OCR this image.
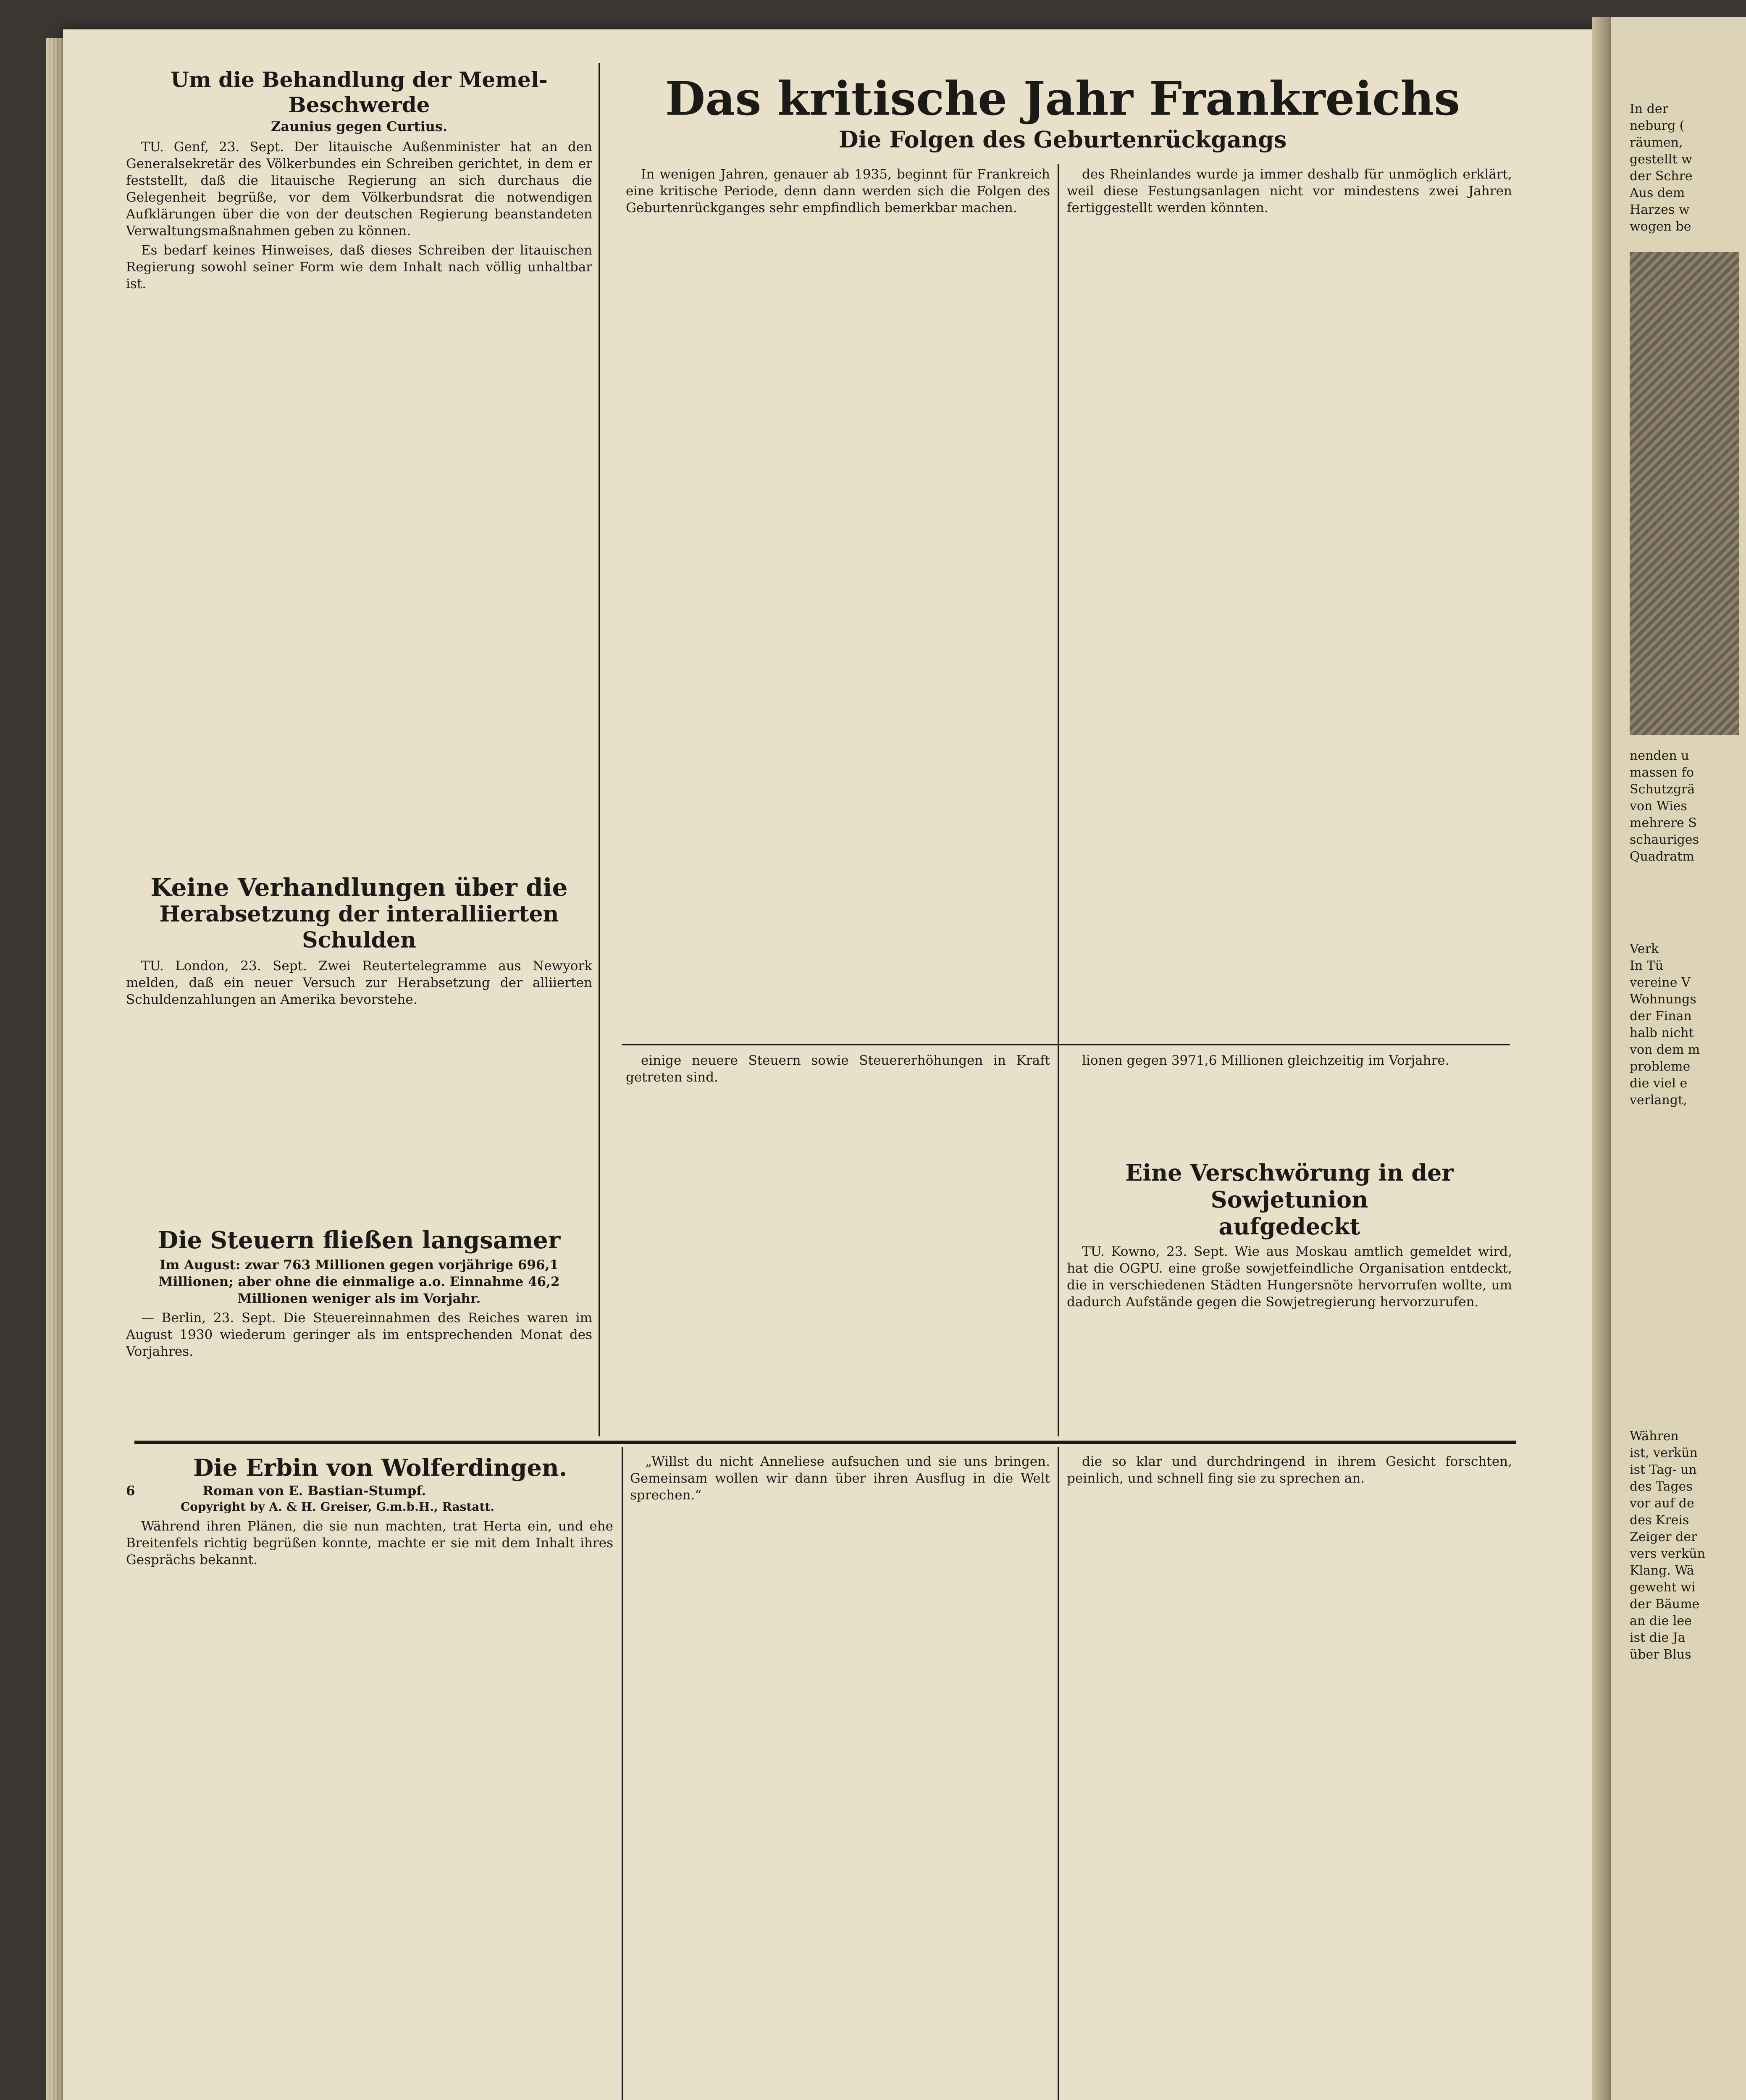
Um die Behandlung der Memel-Beschwerde
Zaunius gegen Curtius.

TU. Genf, 23. Sept. Der litauische Außenminister hat an den Generalsekretär des Völkerbundes ein Schreiben gerichtet, in dem er feststellt, daß die litauische Regierung an sich durchaus die Gelegenheit begrüße, vor dem Völkerbundsrat die notwendigen Aufklärungen über die von der deutschen Regierung beanstandeten Verwaltungsmaßnahmen geben zu können.

Es bedarf keines Hinweises, daß dieses Schreiben der litauischen Regierung sowohl seiner Form wie dem Inhalt nach völlig unhaltbar ist.

Keine Verhandlungen über die
Herabsetzung der interalliierten Schulden

TU. London, 23. Sept. Zwei Reutertelegramme aus Newyork melden, daß ein neuer Versuch zur Herabsetzung der alliierten Schuldenzahlungen an Amerika bevorstehe.

Die Steuern fließen langsamer
Im August: zwar 763 Millionen gegen vorjährige 696,1 Millionen; aber ohne die einmalige a.o. Einnahme 46,2 Millionen weniger als im Vorjahr.

— Berlin, 23. Sept. Die Steuereinnahmen des Reiches waren im August 1930 wiederum geringer als im entsprechenden Monat des Vorjahres.

Das kritische Jahr Frankreichs
Die Folgen des Geburtenrückgangs

In wenigen Jahren, genauer ab 1935, beginnt für Frankreich eine kritische Periode, denn dann werden sich die Folgen des Geburtenrückganges sehr empfindlich bemerkbar machen.

des Rheinlandes wurde ja immer deshalb für unmöglich erklärt, weil diese Festungsanlagen nicht vor mindestens zwei Jahren fertiggestellt werden könnten.

einige neuere Steuern sowie Steuererhöhungen in Kraft getreten sind.

lionen gegen 3971,6 Millionen gleichzeitig im Vorjahre.

Eine Verschwörung in der Sowjetunion
aufgedeckt

TU. Kowno, 23. Sept. Wie aus Moskau amtlich gemeldet wird, hat die OGPU. eine große sowjetfeindliche Organisation entdeckt, die in verschiedenen Städten Hungersnöte hervorrufen wollte, um dadurch Aufstände gegen die Sowjetregierung hervorzurufen.

Die Erbin von Wolferdingen.
6	Roman von E. Bastian-Stumpf.
Copyright by A. & H. Greiser, G.m.b.H., Rastatt.

Während ihren Plänen, die sie nun machten, trat Herta ein, und ehe Breitenfels richtig begrüßen konnte, machte er sie mit dem Inhalt ihres Gesprächs bekannt.

„Willst du nicht Anneliese aufsuchen und sie uns bringen. Gemeinsam wollen wir dann über ihren Ausflug in die Welt sprechen.“

die so klar und durchdringend in ihrem Gesicht forschten, peinlich, und schnell fing sie zu sprechen an.

In der
neburg (
räumen,
gestellt w
der Schre
Aus dem
Harzes w
wogen be
nenden u
massen fo
Schutzgrä
von Wies
mehrere S
schauriges
Quadratm
Verk
In Tü
vereine V
Wohnungs
der Finan
halb nicht
von dem m
probleme
die viel e
verlangt,
Währen
ist, verkün
ist Tag- un
des Tages
vor auf de
des Kreis
Zeiger der
vers verkün
Klang. Wä
geweht wi
der Bäume
an die lee
ist die Ja
über Blus
